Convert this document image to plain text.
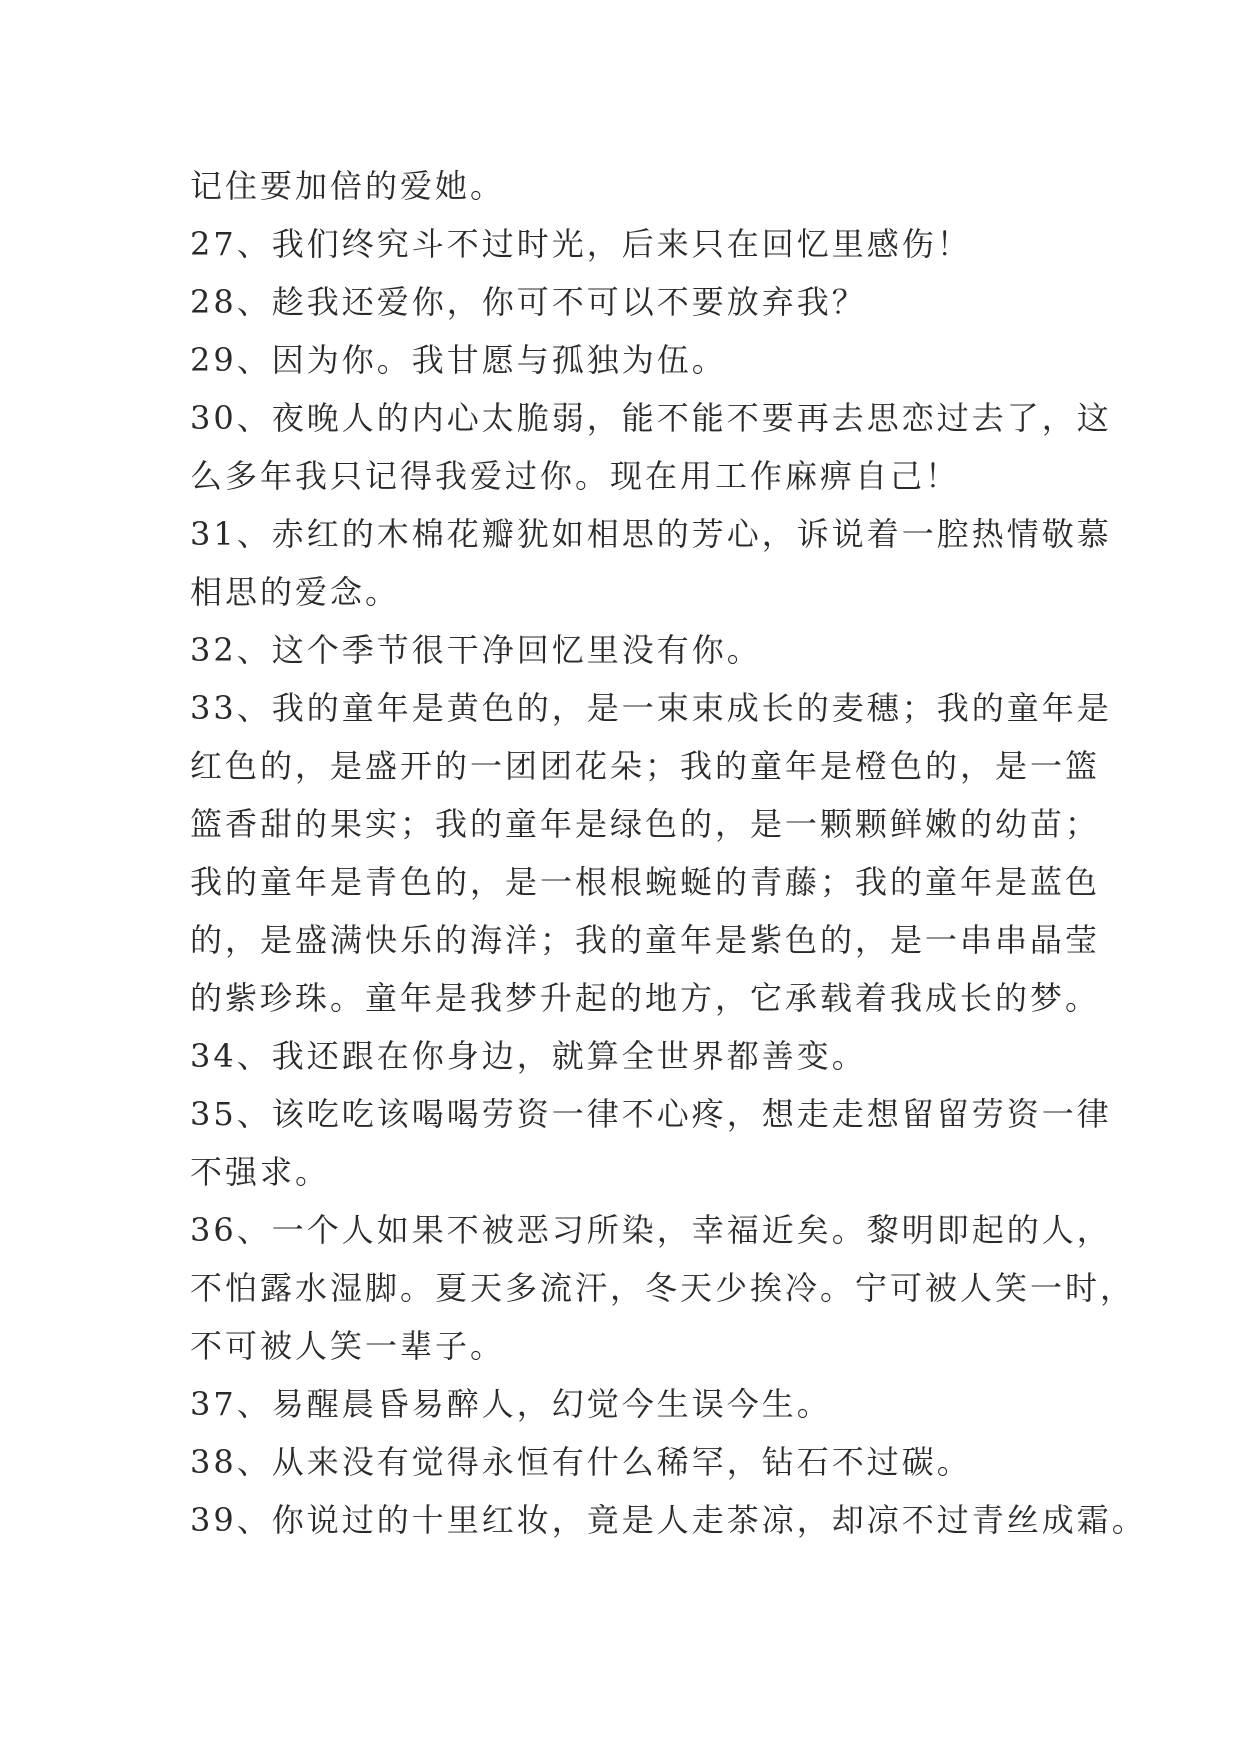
记住要加倍的爱她。
27、我们终究斗不过时光，后来只在回忆里感伤！
28、趁我还爱你，你可不可以不要放弃我？
29、因为你。我甘愿与孤独为伍。
30、夜晚人的内心太脆弱，能不能不要再去思恋过去了，这
么多年我只记得我爱过你。现在用工作麻痹自己！
31、赤红的木棉花瓣犹如相思的芳心，诉说着一腔热情敬慕
相思的爱念。
32、这个季节很干净回忆里没有你。
33、我的童年是黄色的，是一束束成长的麦穗；我的童年是
红色的，是盛开的一团团花朵；我的童年是橙色的，是一篮
篮香甜的果实；我的童年是绿色的，是一颗颗鲜嫩的幼苗；
我的童年是青色的，是一根根蜿蜒的青藤；我的童年是蓝色
的，是盛满快乐的海洋；我的童年是紫色的，是一串串晶莹
的紫珍珠。童年是我梦升起的地方，它承载着我成长的梦。
34、我还跟在你身边，就算全世界都善变。
35、该吃吃该喝喝劳资一律不心疼，想走走想留留劳资一律
不强求。
36、一个人如果不被恶习所染，幸福近矣。黎明即起的人，
不怕露水湿脚。夏天多流汗，冬天少挨冷。宁可被人笑一时，
不可被人笑一辈子。
37、易醒晨昏易醉人，幻觉今生误今生。
38、从来没有觉得永恒有什么稀罕，钻石不过碳。
39、你说过的十里红妆，竟是人走茶凉，却凉不过青丝成霜。
